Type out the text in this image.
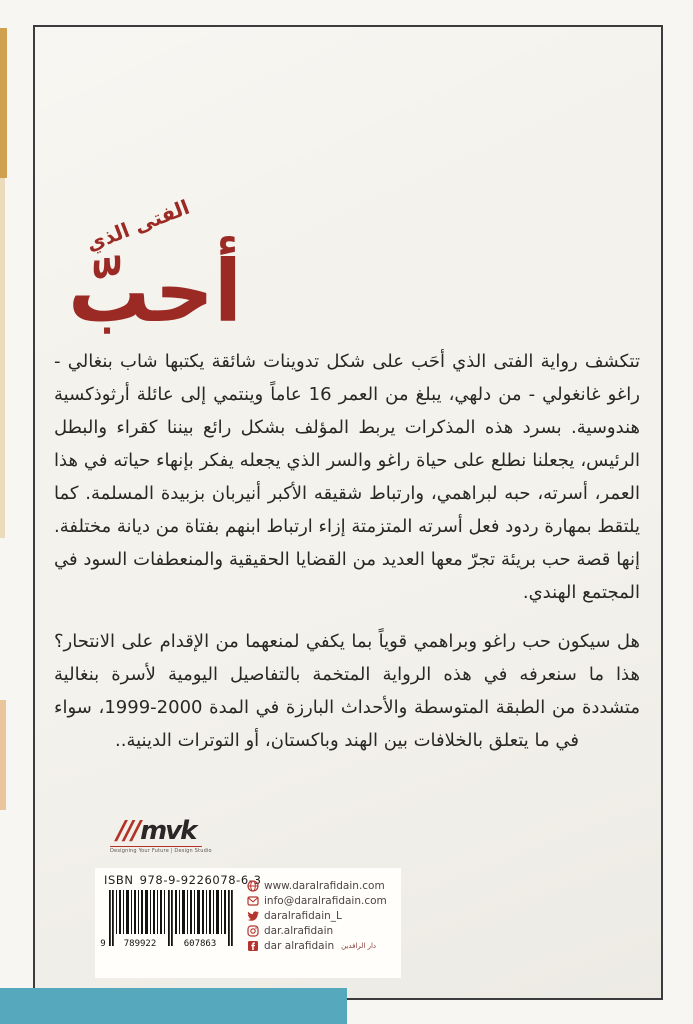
الفتى الذي
أحبّ

تتكشف رواية الفتى الذي أحَب على شكل تدوينات شائقة يكتبها شاب بنغالي - راغو غانغولي - من دلهي، يبلغ من العمر 16 عاماً وينتمي إلى عائلة أرثوذكسية هندوسية. بسرد هذه المذكرات يربط المؤلف بشكل رائع بيننا كقراء والبطل الرئيس، يجعلنا نطلع على حياة راغو والسر الذي يجعله يفكر بإنهاء حياته في هذا العمر، أسرته، حبه لبراهمي، وارتباط شقيقه الأكبر أنيربان بزبيدة المسلمة. كما يلتقط بمهارة ردود فعل أسرته المتزمتة إزاء ارتباط ابنهم بفتاة من ديانة مختلفة. إنها قصة حب بريئة تجرّ معها العديد من القضايا الحقيقية والمنعطفات السود في المجتمع الهندي.

هل سيكون حب راغو وبراهمي قوياً بما يكفي لمنعهما من الإقدام على الانتحار؟ هذا ما سنعرفه في هذه الرواية المتخمة بالتفاصيل اليومية لأسرة بنغالية متشددة من الطبقة المتوسطة والأحداث البارزة في المدة 2000-1999، سواء في ما يتعلق بالخلافات بين الهند وباكستان، أو التوترات الدينية..

///mvk
Designing Your Future | Design Studio
ISBN 978-9-9226078-6-3
9 789922	607863
www.daralrafidain.com
info@daralrafidain.com
daralrafidain_L
dar.alrafidain
dar alrafidain دار الرافدين
